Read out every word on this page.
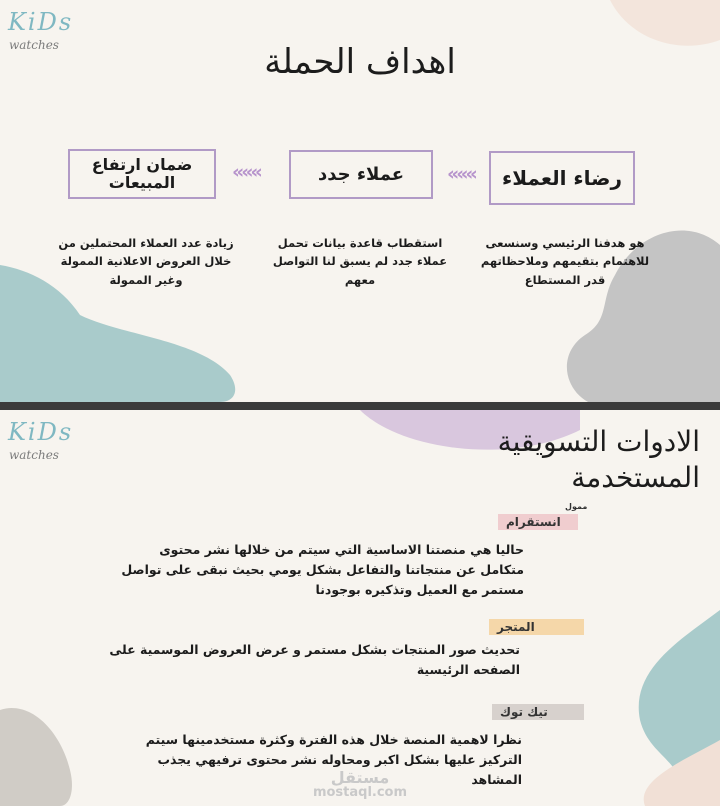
KiDs
watches	اهداف الحملة
رضاء العملاء
«««
عملاء جدد
«««
ضمان ارتفاع المبيعات
هو هدفنا الرئيسي وسنسعى للاهتمام بتقيمهم وملاحظاتهم قدر المستطاع
استقطاب قاعدة بيانات تحمل عملاء جدد لم يسبق لنا التواصل معهم
زيادة عدد العملاء المحتملين من خلال العروض الاعلانية الممولة وغير الممولة
KiDs
watches	الادوات التسويقية المستخدمة
ممول
انستقرام
حاليا هي منصتنا الاساسية التي سيتم من خلالها نشر محتوى متكامل عن منتجاتنا والتفاعل بشكل يومي بحيث نبقى على تواصل مستمر مع العميل وتذكيره بوجودنا
المتجر
تحديث صور المنتجات بشكل مستمر و عرض العروض الموسمية على الصفحه الرئيسية
تيك توك
نظرا لاهمية المنصة خلال هذه الفترة وكثرة مستخدمينها سيتم التركيز عليها بشكل اكبر ومحاوله نشر محتوى ترفيهي يجذب المشاهد
مستقل
mostaql.com
